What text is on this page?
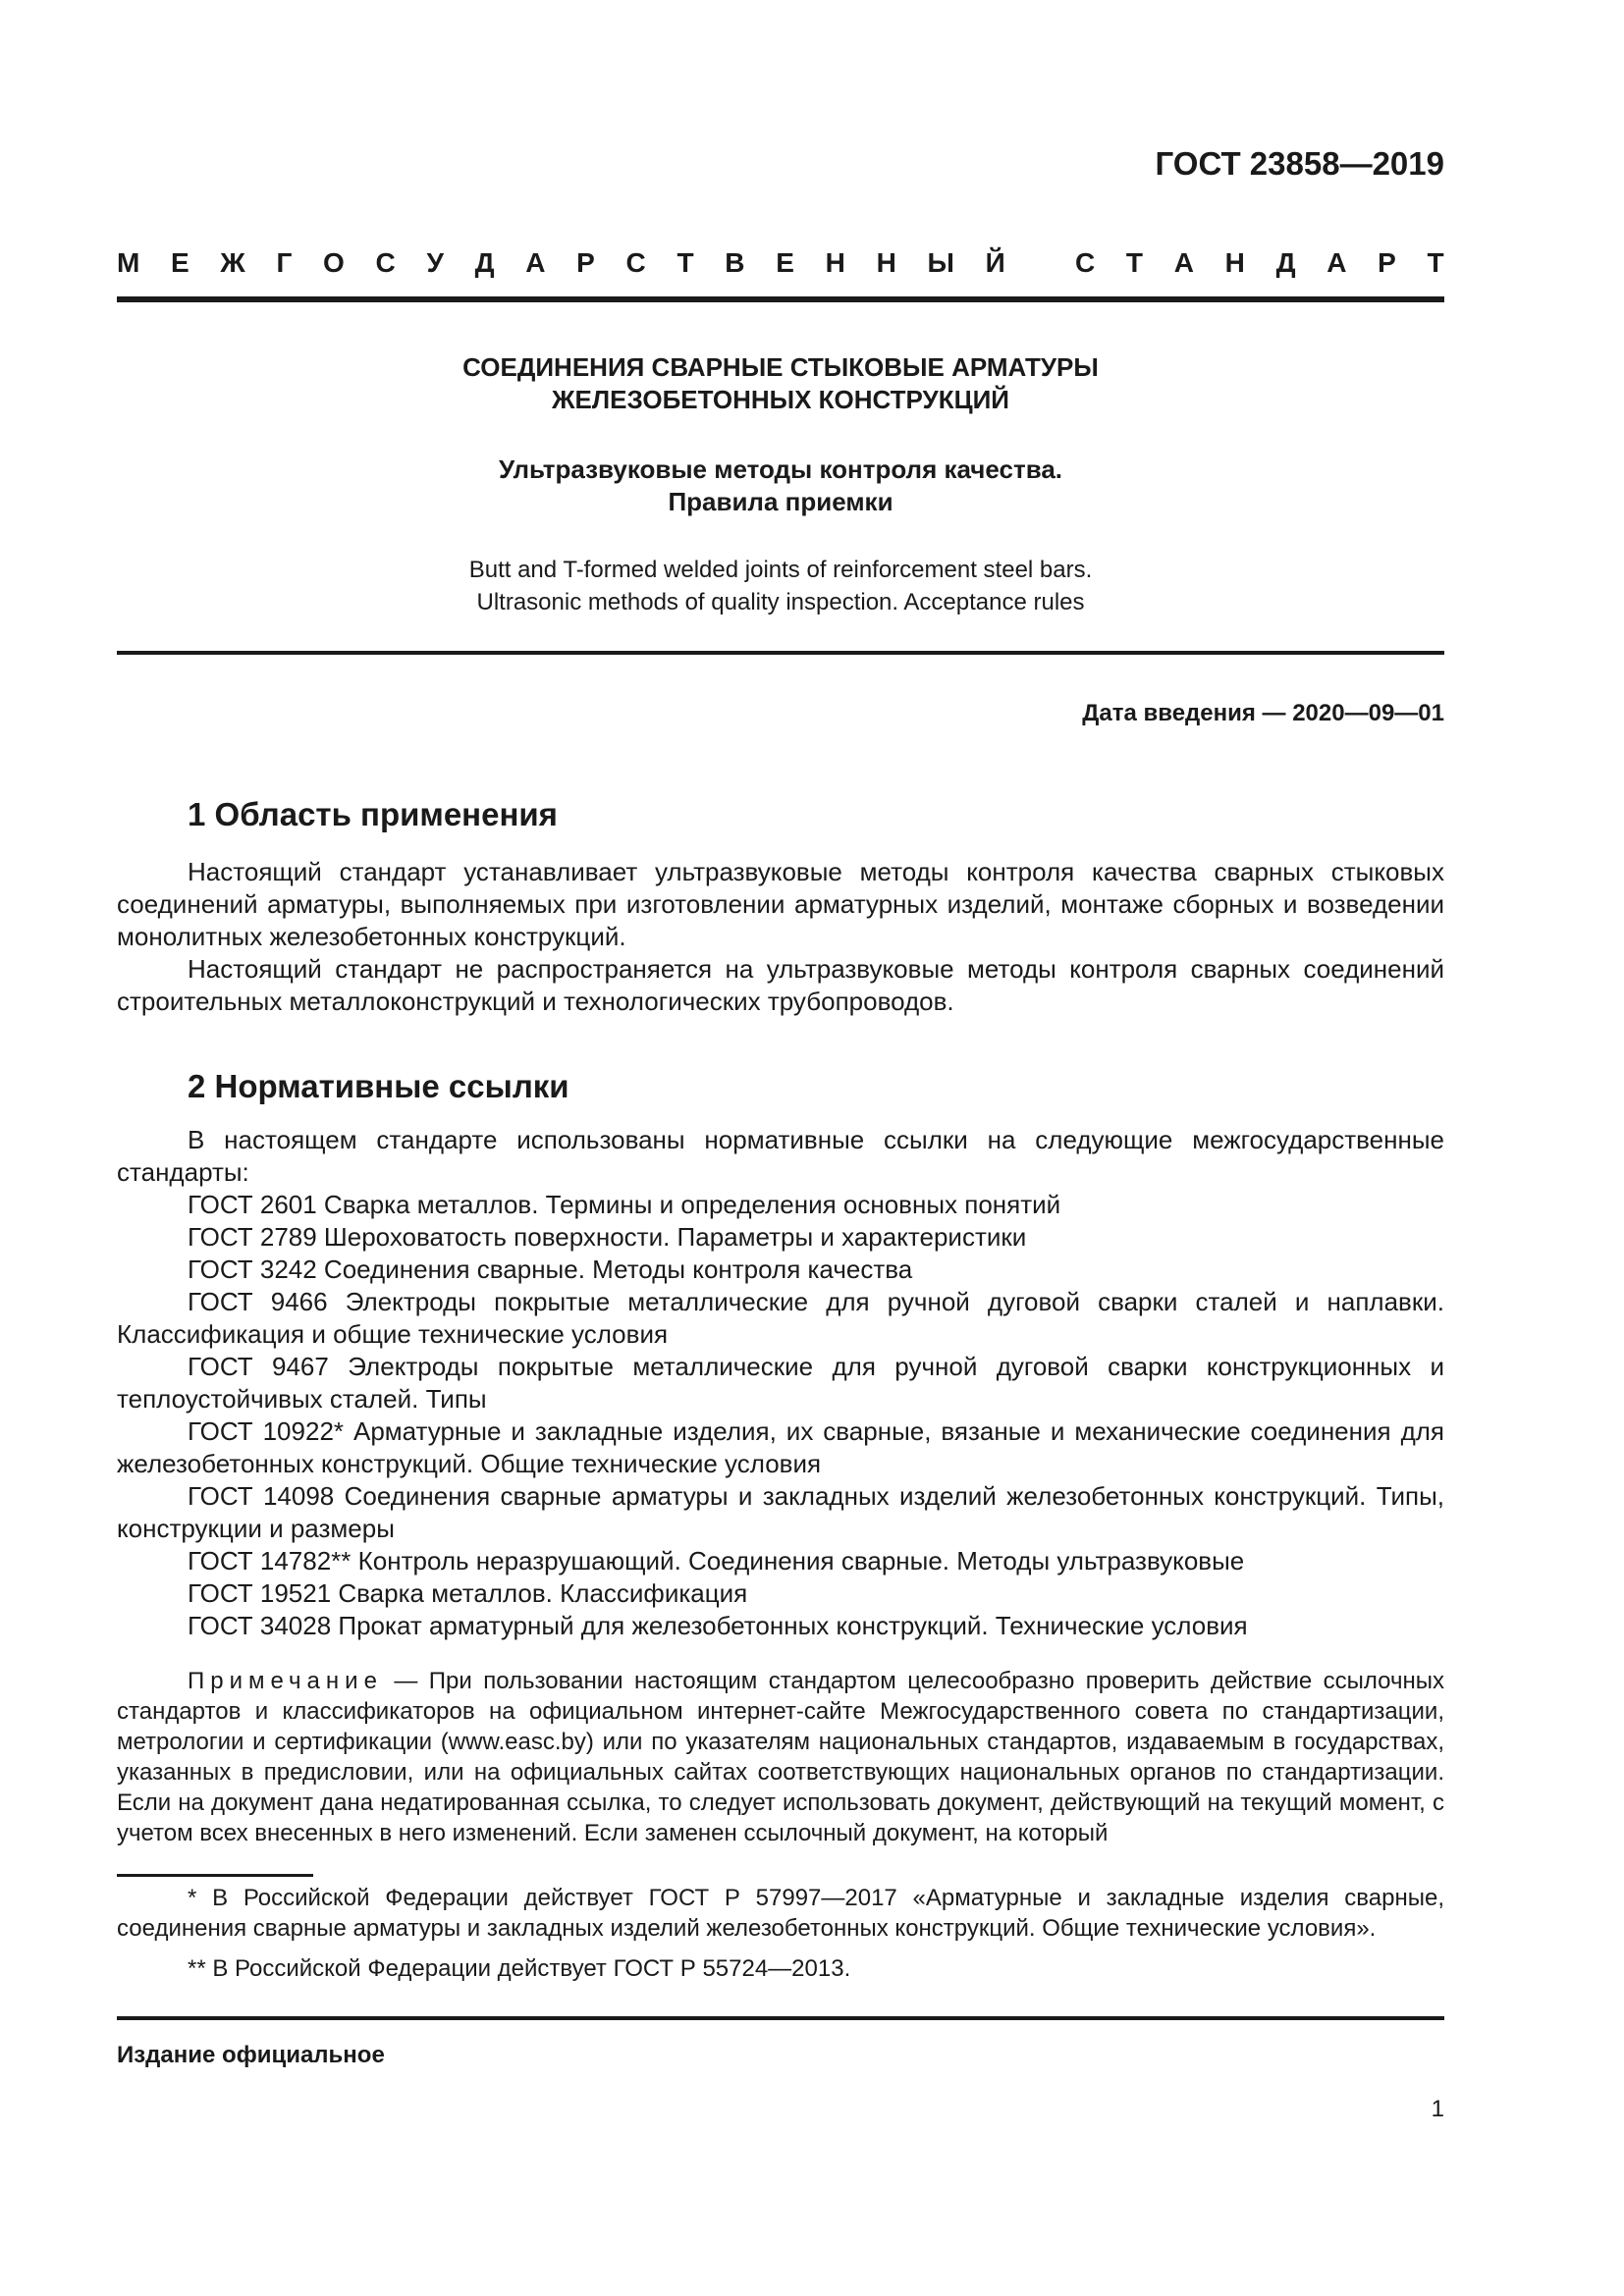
ГОСТ 23858—2019
М Е Ж Г О С У Д А Р С Т В Е Н Н Ы Й
	С Т А Н Д А Р Т

СОЕДИНЕНИЯ СВАРНЫЕ СТЫКОВЫЕ АРМАТУРЫ
ЖЕЛЕЗОБЕТОННЫХ КОНСТРУКЦИЙ

Ультразвуковые методы контроля качества.
Правила приемки

Butt and T-formed welded joints of reinforcement steel bars.
Ultrasonic methods of quality inspection. Acceptance rules

Дата введения — 2020—09—01
1 Область применения

Настоящий стандарт устанавливает ультразвуковые методы контроля качества сварных стыковых соединений арматуры, выполняемых при изготовлении арматурных изделий, монтаже сборных и возведении монолитных железобетонных конструкций.

Настоящий стандарт не распространяется на ультразвуковые методы контроля сварных соединений строительных металлоконструкций и технологических трубопроводов.

2 Нормативные ссылки

В настоящем стандарте использованы нормативные ссылки на следующие межгосударственные стандарты:

ГОСТ 2601 Сварка металлов. Термины и определения основных понятий

ГОСТ 2789 Шероховатость поверхности. Параметры и характеристики

ГОСТ 3242 Соединения сварные. Методы контроля качества

ГОСТ 9466 Электроды покрытые металлические для ручной дуговой сварки сталей и наплавки. Классификация и общие технические условия

ГОСТ 9467 Электроды покрытые металлические для ручной дуговой сварки конструкционных и теплоустойчивых сталей. Типы

ГОСТ 10922* Арматурные и закладные изделия, их сварные, вязаные и механические соединения для железобетонных конструкций. Общие технические условия

ГОСТ 14098 Соединения сварные арматуры и закладных изделий железобетонных конструкций. Типы, конструкции и размеры

ГОСТ 14782** Контроль неразрушающий. Соединения сварные. Методы ультразвуковые

ГОСТ 19521 Сварка металлов. Классификация

ГОСТ 34028 Прокат арматурный для железобетонных конструкций. Технические условия

Примечание — При пользовании настоящим стандартом целесообразно проверить действие ссылочных стандартов и классификаторов на официальном интернет-сайте Межгосударственного совета по стандартизации, метрологии и сертификации (www.easc.by) или по указателям национальных стандартов, издаваемым в государствах, указанных в предисловии, или на официальных сайтах соответствующих национальных органов по стандартизации. Если на документ дана недатированная ссылка, то следует использовать документ, действующий на текущий момент, с учетом всех внесенных в него изменений. Если заменен ссылочный документ, на который

* В Российской Федерации действует ГОСТ Р 57997—2017 «Арматурные и закладные изделия сварные, соединения сварные арматуры и закладных изделий железобетонных конструкций. Общие технические условия».

** В Российской Федерации действует ГОСТ Р 55724—2013.

Издание официальное
1
